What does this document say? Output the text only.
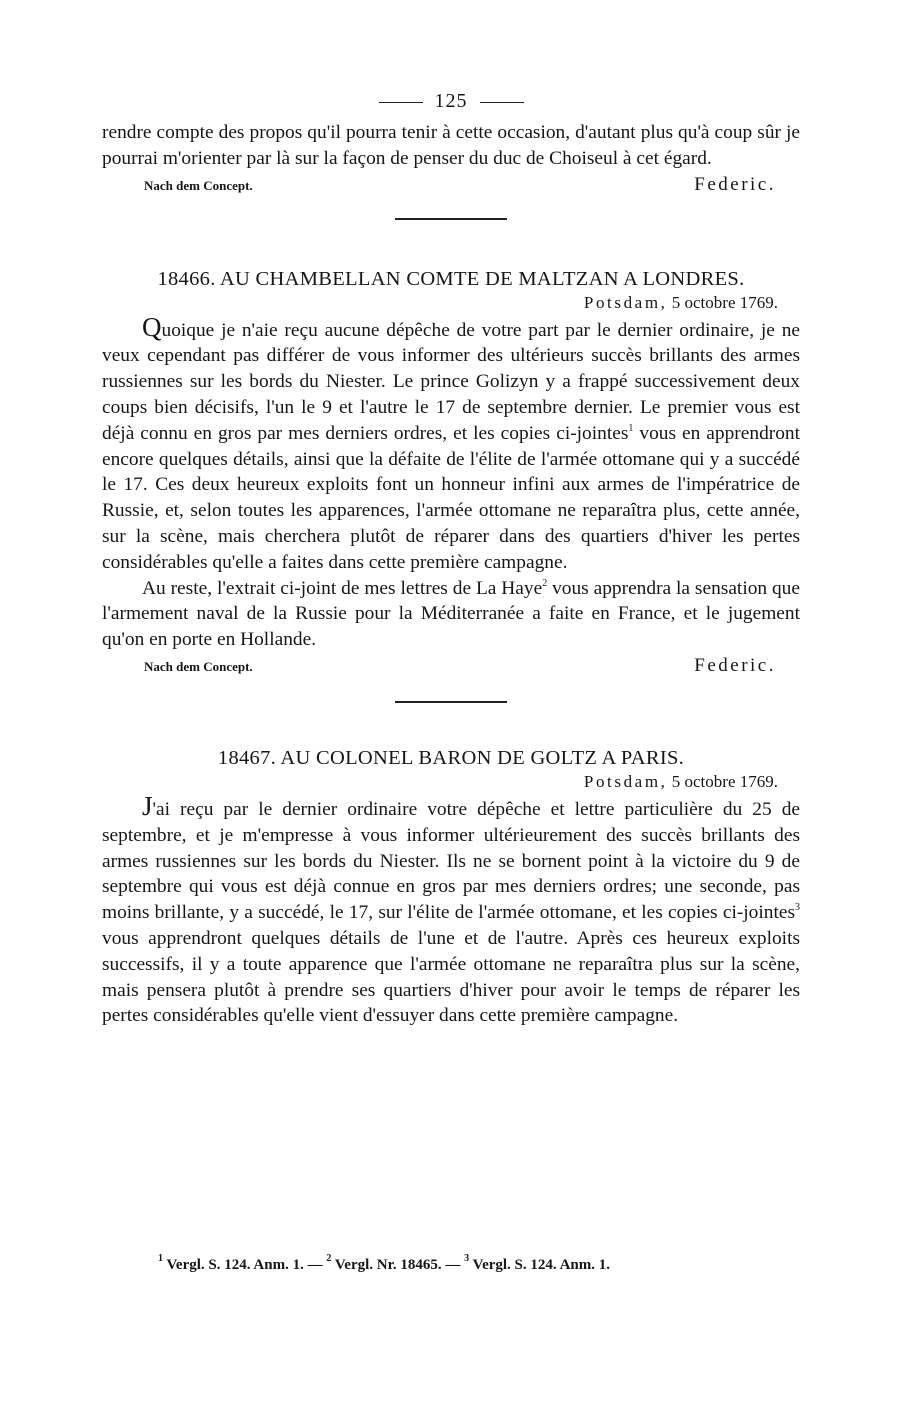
125

rendre compte des propos qu'il pourra tenir à cette occasion, d'autant plus qu'à coup sûr je pourrai m'orienter par là sur la façon de penser du duc de Choiseul à cet égard.

Nach dem Concept.	Federic.
18466. AU CHAMBELLAN COMTE DE MALTZAN A LONDRES.
Potsdam, 5 octobre 1769.

Quoique je n'aie reçu aucune dépêche de votre part par le dernier ordinaire, je ne veux cependant pas différer de vous informer des ultérieurs succès brillants des armes russiennes sur les bords du Niester. Le prince Golizyn y a frappé successivement deux coups bien décisifs, l'un le 9 et l'autre le 17 de septembre dernier. Le premier vous est déjà connu en gros par mes derniers ordres, et les copies ci-jointes$^1$ vous en apprendront encore quelques détails, ainsi que la défaite de l'élite de l'armée ottomane qui y a succédé le 17. Ces deux heureux exploits font un honneur infini aux armes de l'impératrice de Russie, et, selon toutes les apparences, l'armée ottomane ne reparaîtra plus, cette année, sur la scène, mais cherchera plutôt de réparer dans des quartiers d'hiver les pertes considérables qu'elle a faites dans cette première campagne.

Au reste, l'extrait ci-joint de mes lettres de La Haye$^2$ vous apprendra la sensation que l'armement naval de la Russie pour la Méditerranée a faite en France, et le jugement qu'on en porte en Hollande.

Nach dem Concept.	Federic.
18467. AU COLONEL BARON DE GOLTZ A PARIS.
Potsdam, 5 octobre 1769.

J'ai reçu par le dernier ordinaire votre dépêche et lettre particulière du 25 de septembre, et je m'empresse à vous informer ultérieurement des succès brillants des armes russiennes sur les bords du Niester. Ils ne se bornent point à la victoire du 9 de septembre qui vous est déjà connue en gros par mes derniers ordres; une seconde, pas moins brillante, y a succédé, le 17, sur l'élite de l'armée ottomane, et les copies ci-jointes$^3$ vous apprendront quelques détails de l'une et de l'autre. Après ces heureux exploits successifs, il y a toute apparence que l'armée ottomane ne reparaîtra plus sur la scène, mais pensera plutôt à prendre ses quartiers d'hiver pour avoir le temps de réparer les pertes considérables qu'elle vient d'essuyer dans cette première campagne.

$^1$ Vergl. S. 124. Anm. 1. — $^2$ Vergl. Nr. 18465. — $^3$ Vergl. S. 124. Anm. 1.
